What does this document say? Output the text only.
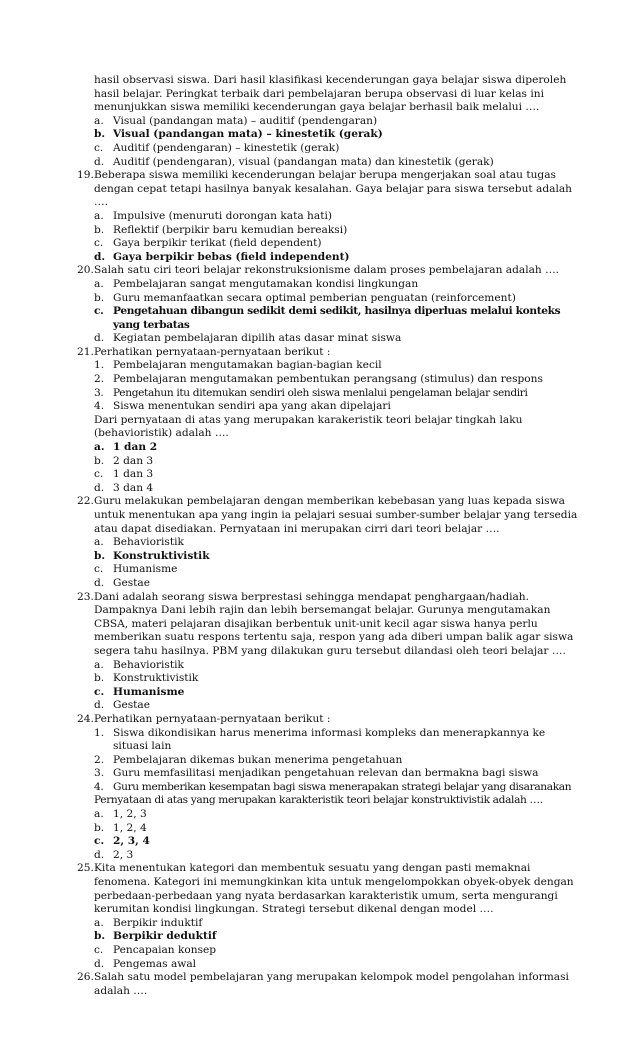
hasil observasi siswa. Dari hasil klasifikasi kecenderungan gaya belajar siswa diperoleh hasil belajar. Peringkat terbaik dari pembelajaran berupa observasi di luar kelas ini menunjukkan siswa memiliki kecenderungan gaya belajar berhasil baik melalui ….
a. Visual (pandangan mata) – auditif (pendengaran)
b. Visual (pandangan mata) – kinestetik (gerak)
c. Auditif (pendengaran) – kinestetik (gerak)
d. Auditif (pendengaran), visual (pandangan mata) dan kinestetik (gerak)
19. Beberapa siswa memiliki kecenderungan belajar berupa mengerjakan soal atau tugas dengan cepat tetapi hasilnya banyak kesalahan. Gaya belajar para siswa tersebut adalah ….
a. Impulsive (menuruti dorongan kata hati)
b. Reflektif (berpikir baru kemudian bereaksi)
c. Gaya berpikir terikat (field dependent)
d. Gaya berpikir bebas (field independent)
20. Salah satu ciri teori belajar rekonstruksionisme dalam proses pembelajaran adalah ….
a. Pembelajaran sangat mengutamakan kondisi lingkungan
b. Guru memanfaatkan secara optimal pemberian penguatan (reinforcement)
c. Pengetahuan dibangun sedikit demi sedikit, hasilnya diperluas melalui konteks yang terbatas
d. Kegiatan pembelajaran dipilih atas dasar minat siswa
21. Perhatikan pernyataan-pernyataan berikut :
1. Pembelajaran mengutamakan bagian-bagian kecil
2. Pembelajaran mengutamakan pembentukan perangsang (stimulus) dan respons
3. Pengetahun itu ditemukan sendiri oleh siswa menlalui pengelaman belajar sendiri
4. Siswa menentukan sendiri apa yang akan dipelajari
Dari pernyataan di atas yang merupakan karakeristik teori belajar tingkah laku (behavioristik) adalah ….
a. 1 dan 2
b. 2 dan 3
c. 1 dan 3
d. 3 dan 4
22. Guru melakukan pembelajaran dengan memberikan kebebasan yang luas kepada siswa untuk menentukan apa yang ingin ia pelajari sesuai sumber-sumber belajar yang tersedia atau dapat disediakan. Pernyataan ini merupakan cirri dari teori belajar ….
a. Behavioristik
b. Konstruktivistik
c. Humanisme
d. Gestae
23. Dani adalah seorang siswa berprestasi sehingga mendapat penghargaan/hadiah. Dampaknya Dani lebih rajin dan lebih bersemangat belajar. Gurunya mengutamakan CBSA, materi pelajaran disajikan berbentuk unit-unit kecil agar siswa hanya perlu memberikan suatu respons tertentu saja, respon yang ada diberi umpan balik agar siswa segera tahu hasilnya. PBM yang dilakukan guru tersebut dilandasi oleh teori belajar ….
a. Behavioristik
b. Konstruktivistik
c. Humanisme
d. Gestae
24. Perhatikan pernyataan-pernyataan berikut :
1. Siswa dikondisikan harus menerima informasi kompleks dan menerapkannya ke situasi lain
2. Pembelajaran dikemas bukan menerima pengetahuan
3. Guru memfasilitasi menjadikan pengetahuan relevan dan bermakna bagi siswa
4. Guru memberikan kesempatan bagi siswa menerapakan strategi belajar yang disaranakan
Pernyataan di atas yang merupakan karakteristik teori belajar konstruktivistik adalah ….
a. 1, 2, 3
b. 1, 2, 4
c. 2, 3, 4
d. 2, 3
25. Kita menentukan kategori dan membentuk sesuatu yang dengan pasti memaknai fenomena. Kategori ini memungkinkan kita untuk mengelompokkan obyek-obyek dengan perbedaan-perbedaan yang nyata berdasarkan karakteristik umum, serta mengurangi kerumitan kondisi lingkungan. Strategi tersebut dikenal dengan model ….
a. Berpikir induktif
b. Berpikir deduktif
c. Pencapaian konsep
d. Pengemas awal
26. Salah satu model pembelajaran yang merupakan kelompok model pengolahan informasi adalah ….
